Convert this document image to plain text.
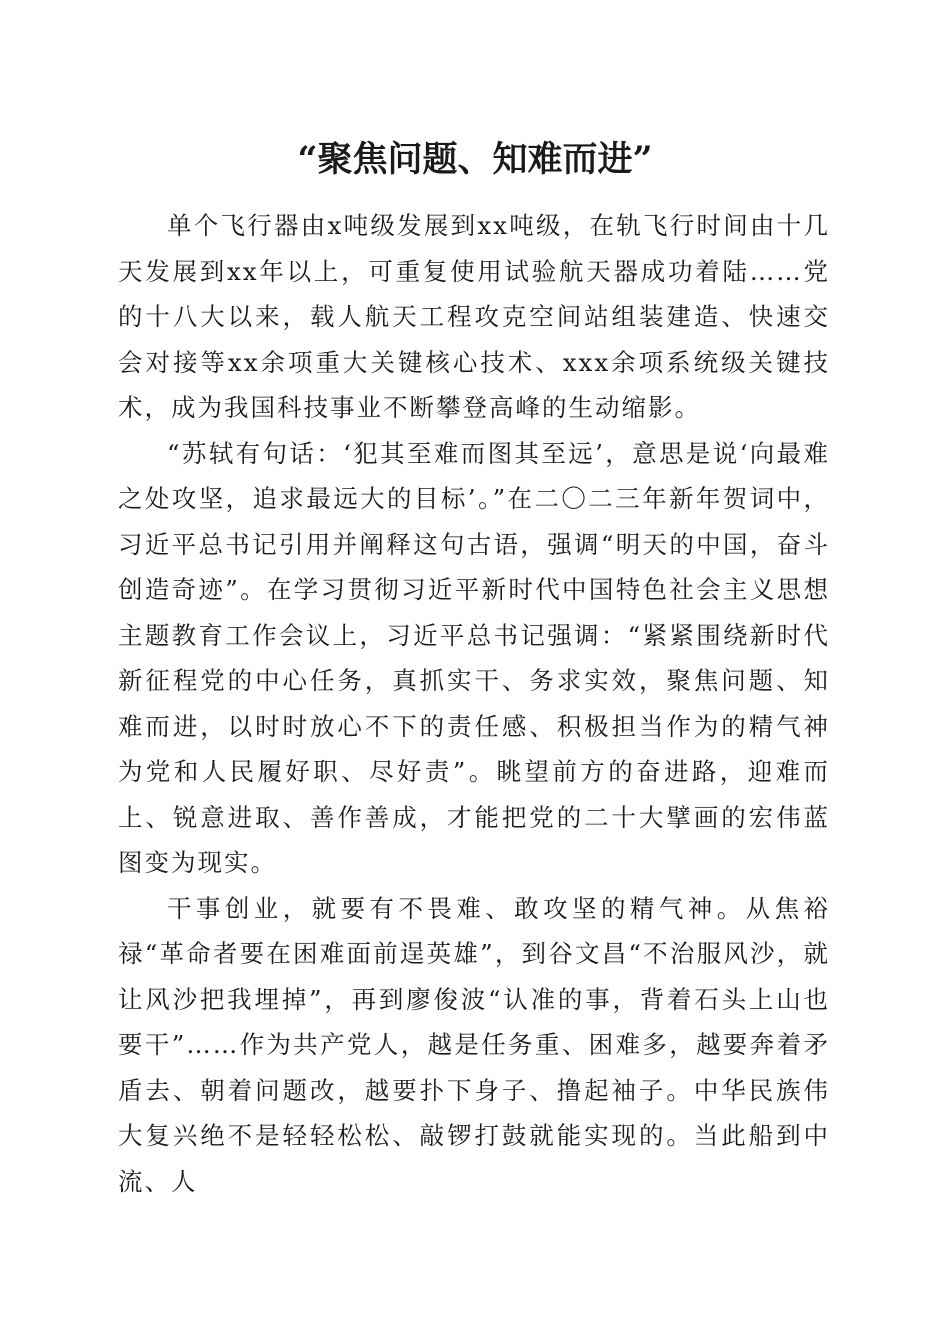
“聚焦问题、知难而进”

单个飞行器由x吨级发展到xx吨级，在轨飞行时间由十几天发展到xx年以上，可重复使用试验航天器成功着陆……党的十八大以来，载人航天工程攻克空间站组装建造、快速交会对接等xx余项重大关键核心技术、xxx余项系统级关键技术，成为我国科技事业不断攀登高峰的生动缩影。

“苏轼有句话：‘犯其至难而图其至远’，意思是说‘向最难之处攻坚，追求最远大的目标’。”在二〇二三年新年贺词中，习近平总书记引用并阐释这句古语，强调“明天的中国，奋斗创造奇迹”。在学习贯彻习近平新时代中国特色社会主义思想主题教育工作会议上，习近平总书记强调：“紧紧围绕新时代新征程党的中心任务，真抓实干、务求实效，聚焦问题、知难而进，以时时放心不下的责任感、积极担当作为的精气神为党和人民履好职、尽好责”。眺望前方的奋进路，迎难而上、锐意进取、善作善成，才能把党的二十大擘画的宏伟蓝图变为现实。

干事创业，就要有不畏难、敢攻坚的精气神。从焦裕禄“革命者要在困难面前逞英雄”，到谷文昌“不治服风沙，就让风沙把我埋掉”，再到廖俊波“认准的事，背着石头上山也要干”……作为共产党人，越是任务重、困难多，越要奔着矛盾去、朝着问题改，越要扑下身子、撸起袖子。中华民族伟大复兴绝不是轻轻松松、敲锣打鼓就能实现的。当此船到中流、人
